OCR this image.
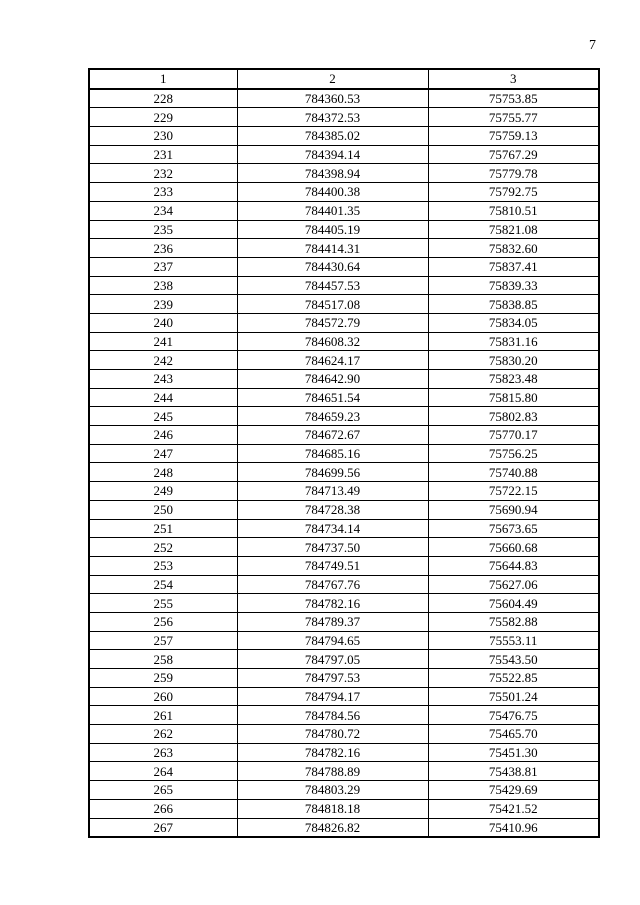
7
1	2	3
228	784360.53	75753.85
229	784372.53	75755.77
230	784385.02	75759.13
231	784394.14	75767.29
232	784398.94	75779.78
233	784400.38	75792.75
234	784401.35	75810.51
235	784405.19	75821.08
236	784414.31	75832.60
237	784430.64	75837.41
238	784457.53	75839.33
239	784517.08	75838.85
240	784572.79	75834.05
241	784608.32	75831.16
242	784624.17	75830.20
243	784642.90	75823.48
244	784651.54	75815.80
245	784659.23	75802.83
246	784672.67	75770.17
247	784685.16	75756.25
248	784699.56	75740.88
249	784713.49	75722.15
250	784728.38	75690.94
251	784734.14	75673.65
252	784737.50	75660.68
253	784749.51	75644.83
254	784767.76	75627.06
255	784782.16	75604.49
256	784789.37	75582.88
257	784794.65	75553.11
258	784797.05	75543.50
259	784797.53	75522.85
260	784794.17	75501.24
261	784784.56	75476.75
262	784780.72	75465.70
263	784782.16	75451.30
264	784788.89	75438.81
265	784803.29	75429.69
266	784818.18	75421.52
267	784826.82	75410.96
